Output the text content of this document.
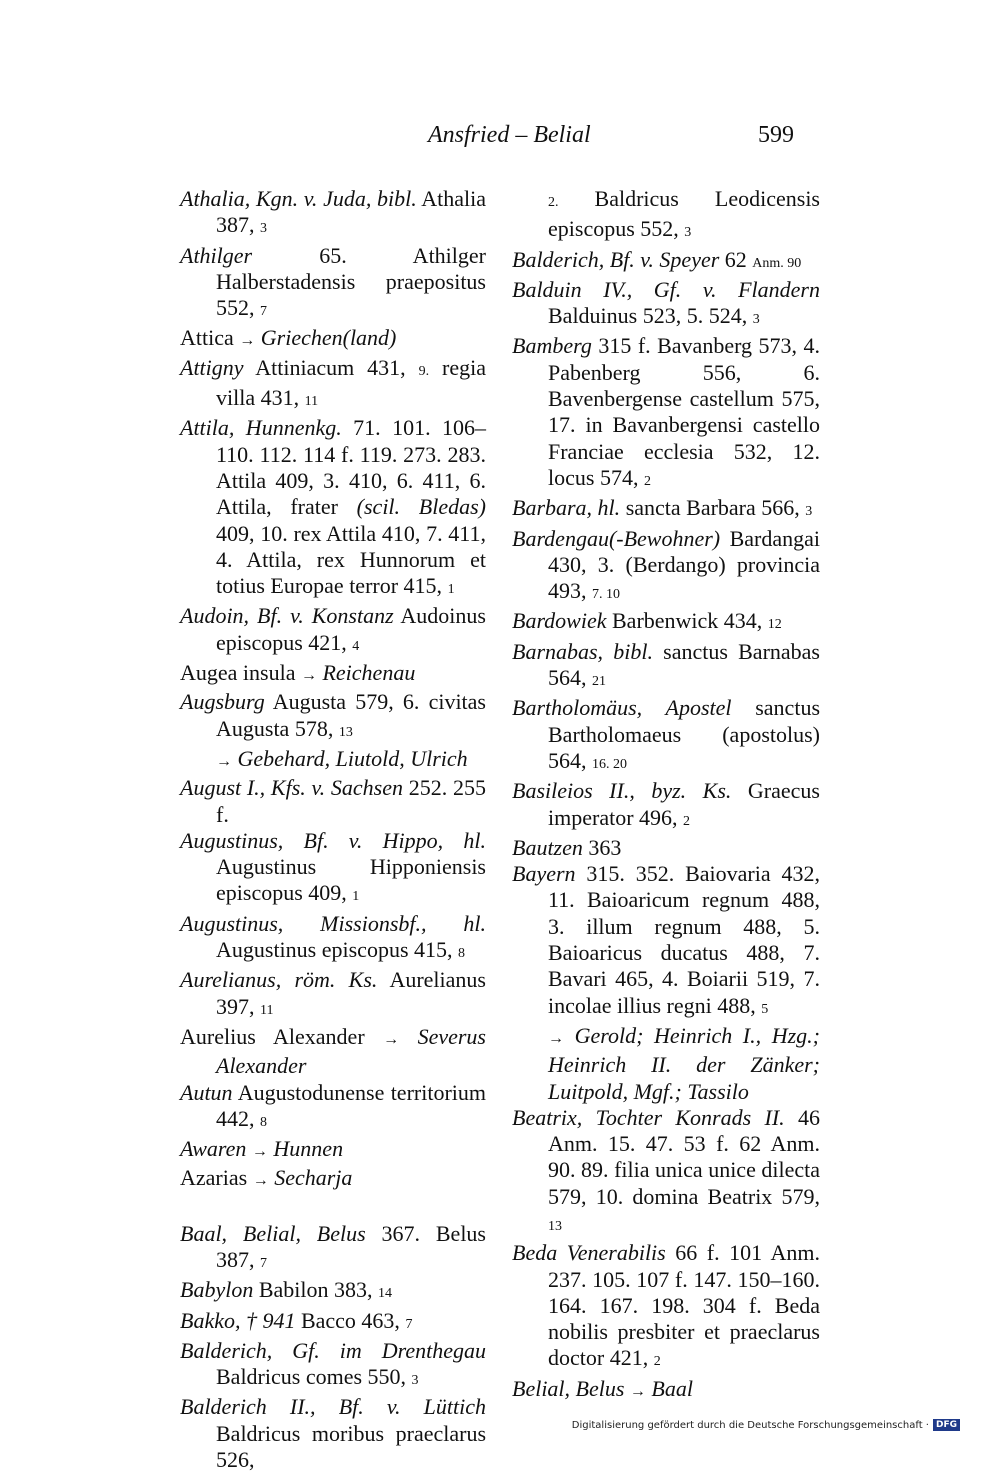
Ansfried – Belial	599

Athalia, Kgn. v. Juda, bibl. Athalia 387, 3

Athilger 65. Athilger Halberstadensis praepositus 552, 7

Attica → Griechen(land)

Attigny Attiniacum 431, 9. regia villa 431, 11

Attila, Hunnenkg. 71. 101. 106–110. 112. 114 f. 119. 273. 283. Attila 409, 3. 410, 6. 411, 6. Attila, frater (scil. Bledas) 409, 10. rex Attila 410, 7. 411, 4. Attila, rex Hunnorum et totius Europae terror 415, 1

Audoin, Bf. v. Konstanz Audoinus episcopus 421, 4

Augea insula → Reichenau

Augsburg Augusta 579, 6. civitas Augusta 578, 13

→ Gebehard, Liutold, Ulrich

August I., Kfs. v. Sachsen 252. 255 f.

Augustinus, Bf. v. Hippo, hl. Augustinus Hipponiensis episcopus 409, 1

Augustinus, Missionsbf., hl. Augustinus episcopus 415, 8

Aurelianus, röm. Ks. Aurelianus 397, 11

Aurelius Alexander → Severus Alexander

Autun Augustodunense territorium 442, 8

Awaren → Hunnen

Azarias → Secharja

Baal, Belial, Belus 367. Belus 387, 7

Babylon Babilon 383, 14

Bakko, † 941 Bacco 463, 7

Balderich, Gf. im Drenthegau Baldricus comes 550, 3

Balderich II., Bf. v. Lüttich Baldricus moribus praeclarus 526,

2. Baldricus Leodicensis episcopus 552, 3

Balderich, Bf. v. Speyer 62 Anm. 90

Balduin IV., Gf. v. Flandern Balduinus 523, 5. 524, 3

Bamberg 315 f. Bavanberg 573, 4. Pabenberg 556, 6. Bavenbergense castellum 575, 17. in Bavanbergensi castello Franciae ecclesia 532, 12. locus 574, 2

Barbara, hl. sancta Barbara 566, 3

Bardengau(-Bewohner) Bardangai 430, 3. (Berdango) provincia 493, 7. 10

Bardowiek Barbenwick 434, 12

Barnabas, bibl. sanctus Barnabas 564, 21

Bartholomäus, Apostel sanctus Bartholomaeus (apostolus) 564, 16. 20

Basileios II., byz. Ks. Graecus imperator 496, 2

Bautzen 363

Bayern 315. 352. Baiovaria 432, 11. Baioaricum regnum 488, 3. illum regnum 488, 5. Baioaricus ducatus 488, 7. Bavari 465, 4. Boiarii 519, 7. incolae illius regni 488, 5

→ Gerold; Heinrich I., Hzg.; Heinrich II. der Zänker; Luitpold, Mgf.; Tassilo

Beatrix, Tochter Konrads II. 46 Anm. 15. 47. 53 f. 62 Anm. 90. 89. filia unica unice dilecta 579, 10. domina Beatrix 579, 13

Beda Venerabilis 66 f. 101 Anm. 237. 105. 107 f. 147. 150–160. 164. 167. 198. 304 f. Beda nobilis presbiter et praeclarus doctor 421, 2

Belial, Belus → Baal

Digitalisierung gefördert durch die Deutsche Forschungsgemeinschaft · DFG
